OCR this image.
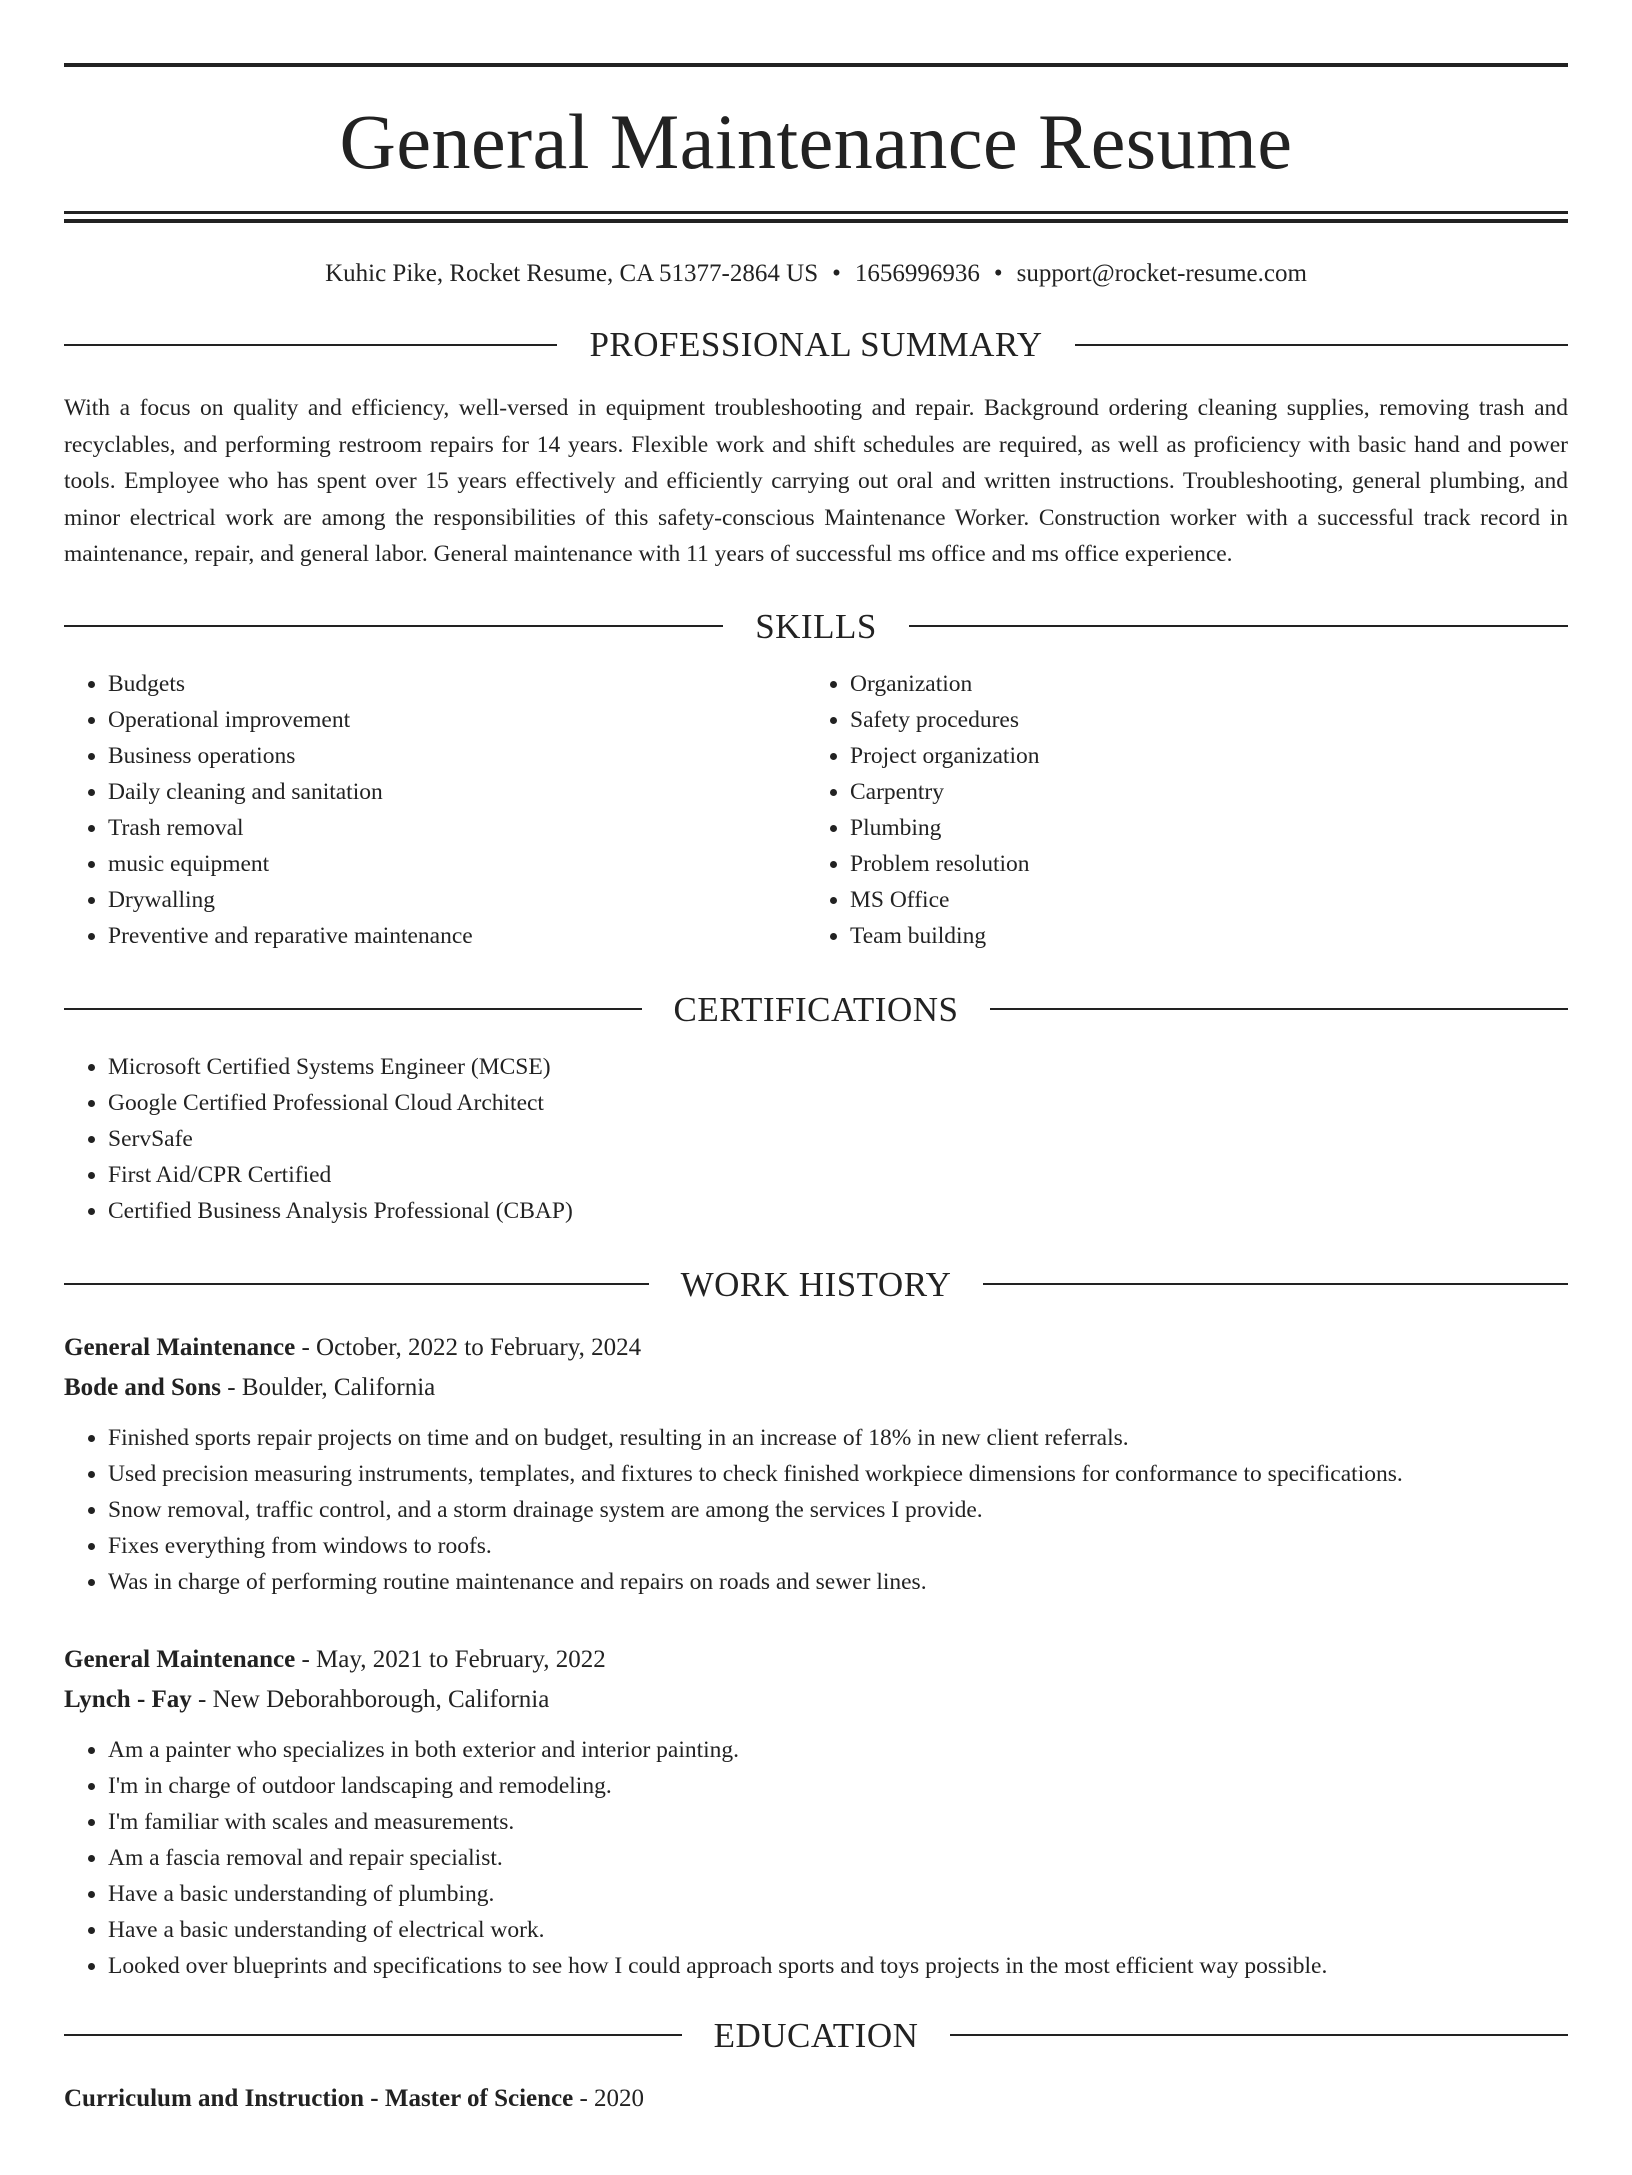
General Maintenance Resume
Kuhic Pike, Rocket Resume, CA 51377-2864 US • 1656996936 • support@rocket-resume.com
PROFESSIONAL SUMMARY

With a focus on quality and efficiency, well-versed in equipment troubleshooting and repair. Background ordering cleaning supplies, removing trash and recyclables, and performing restroom repairs for 14 years. Flexible work and shift schedules are required, as well as proficiency with basic hand and power tools. Employee who has spent over 15 years effectively and efficiently carrying out oral and written instructions. Troubleshooting, general plumbing, and minor electrical work are among the responsibilities of this safety-conscious Maintenance Worker. Construction worker with a successful track record in maintenance, repair, and general labor. General maintenance with 11 years of successful ms office and ms office experience.

SKILLS
• Budgets
• Operational improvement
• Business operations
• Daily cleaning and sanitation
• Trash removal
• music equipment
• Drywalling
• Preventive and reparative maintenance
• Organization
• Safety procedures
• Project organization
• Carpentry
• Plumbing
• Problem resolution
• MS Office
• Team building
CERTIFICATIONS
• Microsoft Certified Systems Engineer (MCSE)
• Google Certified Professional Cloud Architect
• ServSafe
• First Aid/CPR Certified
• Certified Business Analysis Professional (CBAP)
WORK HISTORY
General Maintenance - October, 2022 to February, 2024
Bode and Sons - Boulder, California
• Finished sports repair projects on time and on budget, resulting in an increase of 18% in new client referrals.
• Used precision measuring instruments, templates, and fixtures to check finished workpiece dimensions for conformance to specifications.
• Snow removal, traffic control, and a storm drainage system are among the services I provide.
• Fixes everything from windows to roofs.
• Was in charge of performing routine maintenance and repairs on roads and sewer lines.
General Maintenance - May, 2021 to February, 2022
Lynch - Fay - New Deborahborough, California
• Am a painter who specializes in both exterior and interior painting.
• I'm in charge of outdoor landscaping and remodeling.
• I'm familiar with scales and measurements.
• Am a fascia removal and repair specialist.
• Have a basic understanding of plumbing.
• Have a basic understanding of electrical work.
• Looked over blueprints and specifications to see how I could approach sports and toys projects in the most efficient way possible.
EDUCATION
Curriculum and Instruction - Master of Science - 2020
